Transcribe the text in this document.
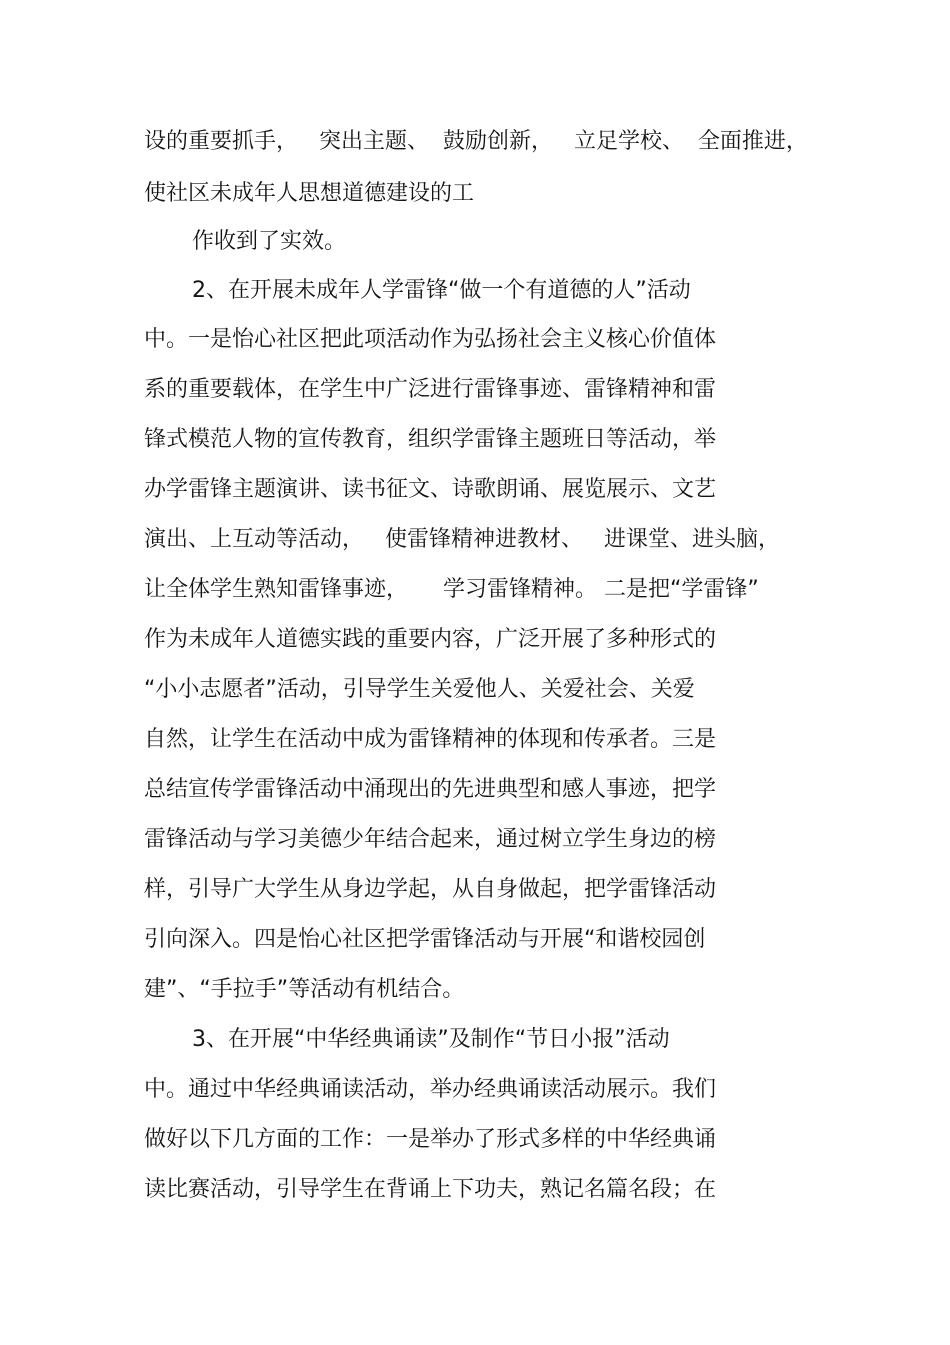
设的重要抓手，   突出主题、  鼓励创新，   立足学校、  全面推进，
使社区未成年人思想道德建设的工
作收到了实效。
2、在开展未成年人学雷锋“做一个有道德的人”活动
中。一是怡心社区把此项活动作为弘扬社会主义核心价值体
系的重要载体，在学生中广泛进行雷锋事迹、雷锋精神和雷
锋式模范人物的宣传教育，组织学雷锋主题班日等活动，举
办学雷锋主题演讲、读书征文、诗歌朗诵、展览展示、文艺
演出、上互动等活动，   使雷锋精神进教材、   进课堂、进头脑，
让全体学生熟知雷锋事迹，     学习雷锋精神。 二是把“学雷锋”
作为未成年人道德实践的重要内容，广泛开展了多种形式的
“小小志愿者”活动，引导学生关爱他人、关爱社会、关爱
自然，让学生在活动中成为雷锋精神的体现和传承者。三是
总结宣传学雷锋活动中涌现出的先进典型和感人事迹，把学
雷锋活动与学习美德少年结合起来，通过树立学生身边的榜
样，引导广大学生从身边学起，从自身做起，把学雷锋活动
引向深入。四是怡心社区把学雷锋活动与开展“和谐校园创
建”、“手拉手”等活动有机结合。
3、在开展“中华经典诵读”及制作“节日小报”活动
中。通过中华经典诵读活动，举办经典诵读活动展示。我们
做好以下几方面的工作：一是举办了形式多样的中华经典诵
读比赛活动，引导学生在背诵上下功夫，熟记名篇名段；在
